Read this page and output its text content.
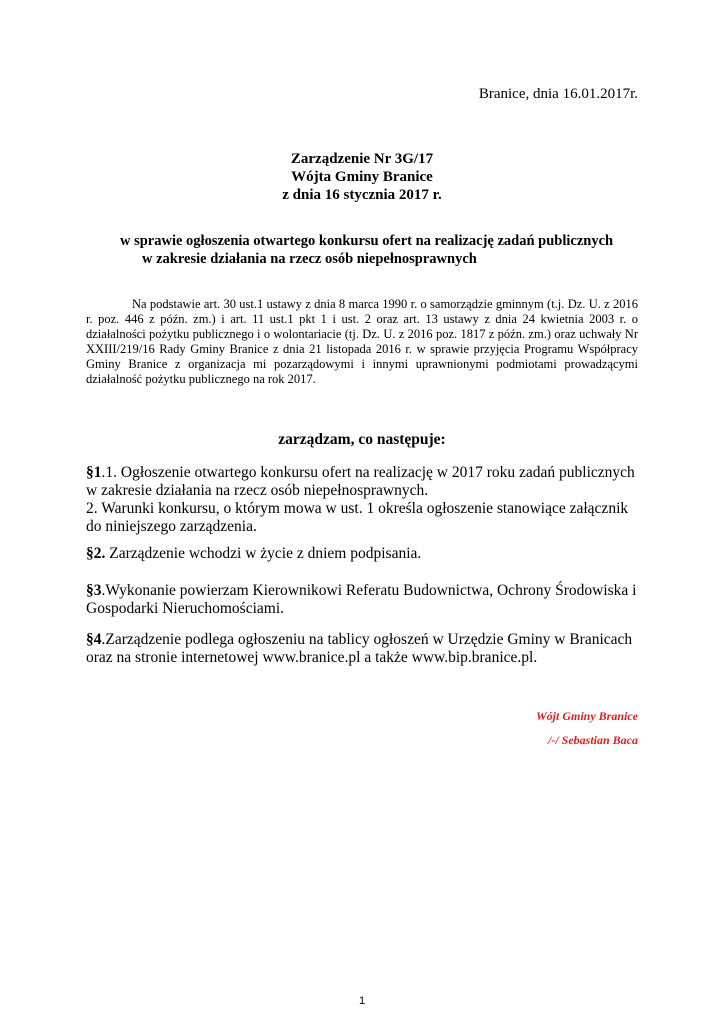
Branice, dnia 16.01.2017r.
Zarządzenie Nr 3G/17
Wójta Gminy Branice
z dnia 16 stycznia 2017 r.
w sprawie ogłoszenia otwartego konkursu ofert na realizację zadań publicznych
w zakresie działania na rzecz osób niepełnosprawnych
Na podstawie art. 30 ust.1 ustawy z dnia 8 marca 1990 r. o samorządzie gminnym (t.j. Dz. U. z 2016 r. poz. 446 z późn. zm.) i art. 11 ust.1 pkt 1 i ust. 2 oraz art. 13 ustawy z dnia 24 kwietnia 2003 r. o działalności pożytku publicznego i o wolontariacie (tj. Dz. U. z 2016 poz. 1817 z późn. zm.) oraz uchwały Nr XXIII/219/16 Rady Gminy Branice z dnia 21 listopada 2016 r. w sprawie przyjęcia Programu Współpracy Gminy Branice z organizacja mi pozarządowymi i innymi uprawnionymi podmiotami prowadzącymi działalność pożytku publicznego na rok 2017.
zarządzam, co następuje:
§1.1. Ogłoszenie otwartego konkursu ofert na realizację w 2017 roku zadań publicznych w zakresie działania na rzecz osób niepełnosprawnych.
2. Warunki konkursu, o którym mowa w ust. 1 określa ogłoszenie stanowiące załącznik do niniejszego zarządzenia.
§2. Zarządzenie wchodzi w życie z dniem podpisania.
§3.Wykonanie powierzam Kierownikowi Referatu Budownictwa, Ochrony Środowiska i Gospodarki Nieruchomościami.
§4.Zarządzenie podlega ogłoszeniu na tablicy ogłoszeń w Urzędzie Gminy w Branicach oraz na stronie internetowej www.branice.pl a także www.bip.branice.pl.
Wójt Gminy Branice
/-/ Sebastian Baca
1
